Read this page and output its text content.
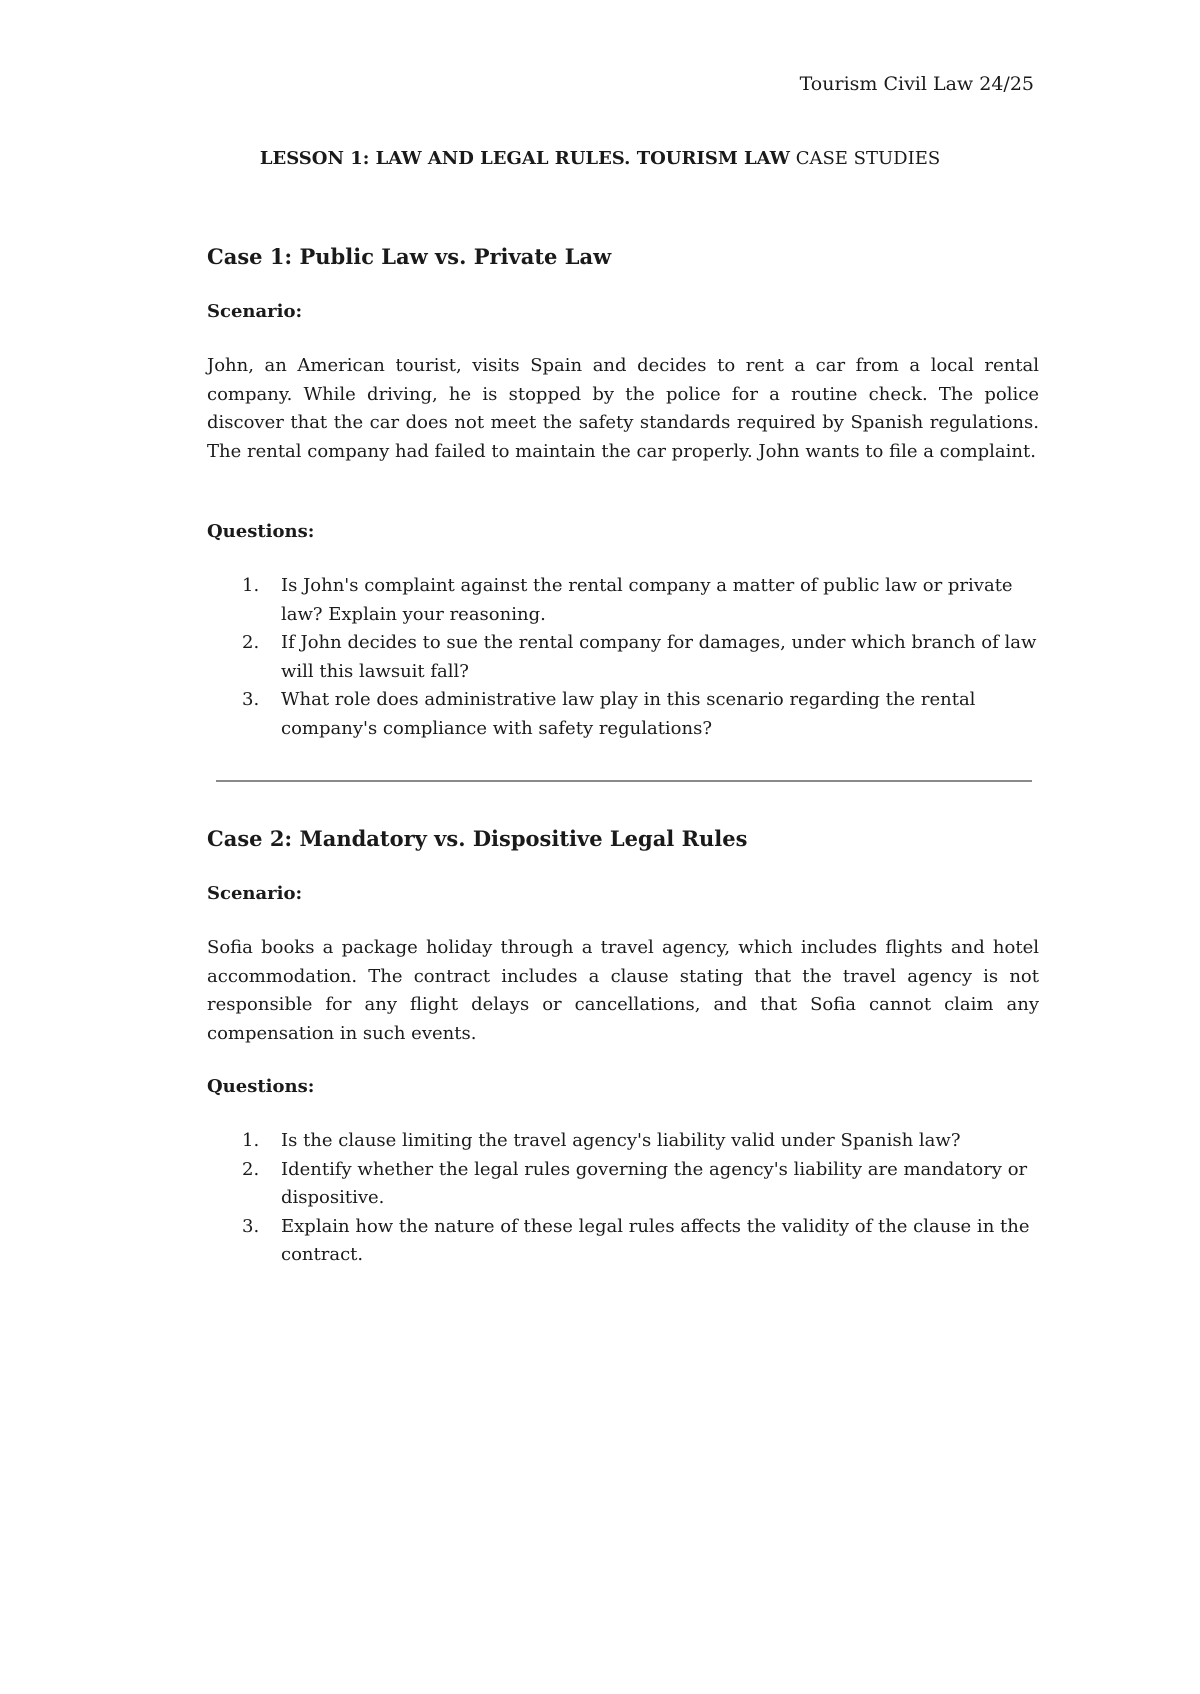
Tourism Civil Law 24/25
LESSON 1: LAW AND LEGAL RULES. TOURISM LAW CASE STUDIES
Case 1: Public Law vs. Private Law

Scenario:

John, an American tourist, visits Spain and decides to rent a car from a local rental company. While driving, he is stopped by the police for a routine check. The police discover that the car does not meet the safety standards required by Spanish regulations. The rental company had failed to maintain the car properly. John wants to file a complaint.

Questions:

1. Is John's complaint against the rental company a matter of public law or private law? Explain your reasoning.
2. If John decides to sue the rental company for damages, under which branch of law will this lawsuit fall?
3. What role does administrative law play in this scenario regarding the rental company's compliance with safety regulations?
Case 2: Mandatory vs. Dispositive Legal Rules

Scenario:

Sofia books a package holiday through a travel agency, which includes flights and hotel accommodation. The contract includes a clause stating that the travel agency is not responsible for any flight delays or cancellations, and that Sofia cannot claim any compensation in such events.

Questions:

1. Is the clause limiting the travel agency's liability valid under Spanish law?
2. Identify whether the legal rules governing the agency's liability are mandatory or dispositive.
3. Explain how the nature of these legal rules affects the validity of the clause in the contract.
